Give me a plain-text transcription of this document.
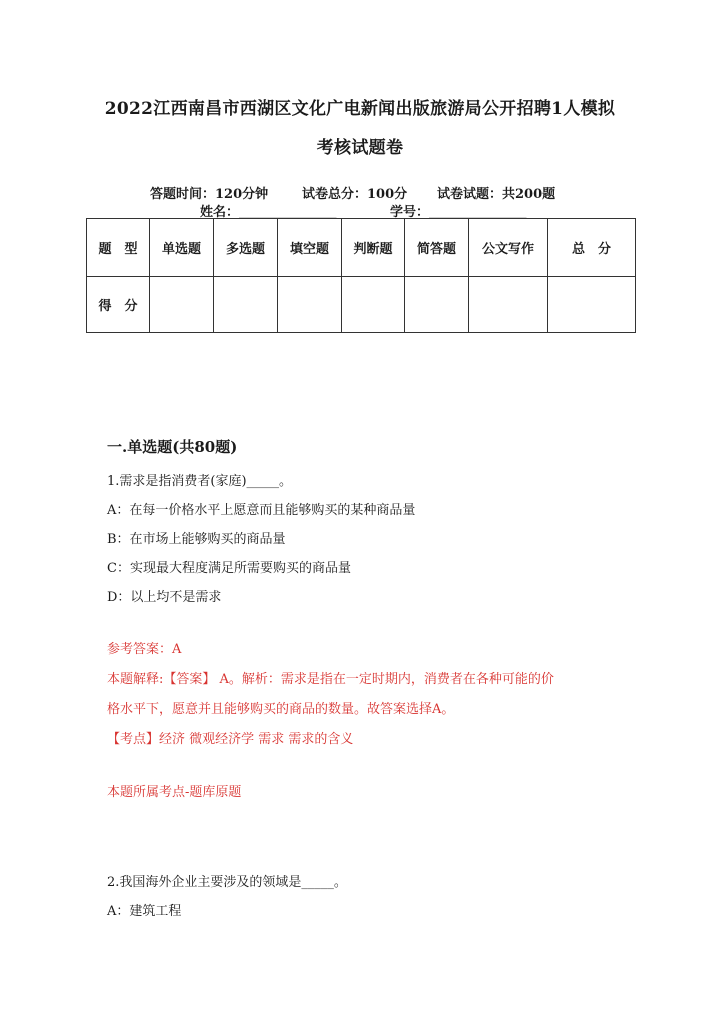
2022江西南昌市西湖区文化广电新闻出版旅游局公开招聘1人模拟
考核试题卷
答题时间：120分钟	试卷总分：100分 试卷试题：共200题
姓名：_______________	学号：_______________
题　型	单选题	多选题	填空题	判断题	简答题	公文写作	总　分
得　分							
一.单选题(共80题)
1.需求是指消费者(家庭)_____。
A：在每一价格水平上愿意而且能够购买的某种商品量
B：在市场上能够购买的商品量
C：实现最大程度满足所需要购买的商品量
D：以上均不是需求
参考答案：A
本题解释:【答案】 A。解析：需求是指在一定时期内，消费者在各种可能的价
格水平下，愿意并且能够购买的商品的数量。故答案选择A。
【考点】经济 微观经济学 需求 需求的含义
本题所属考点-题库原题
2.我国海外企业主要涉及的领域是_____。
A：建筑工程
